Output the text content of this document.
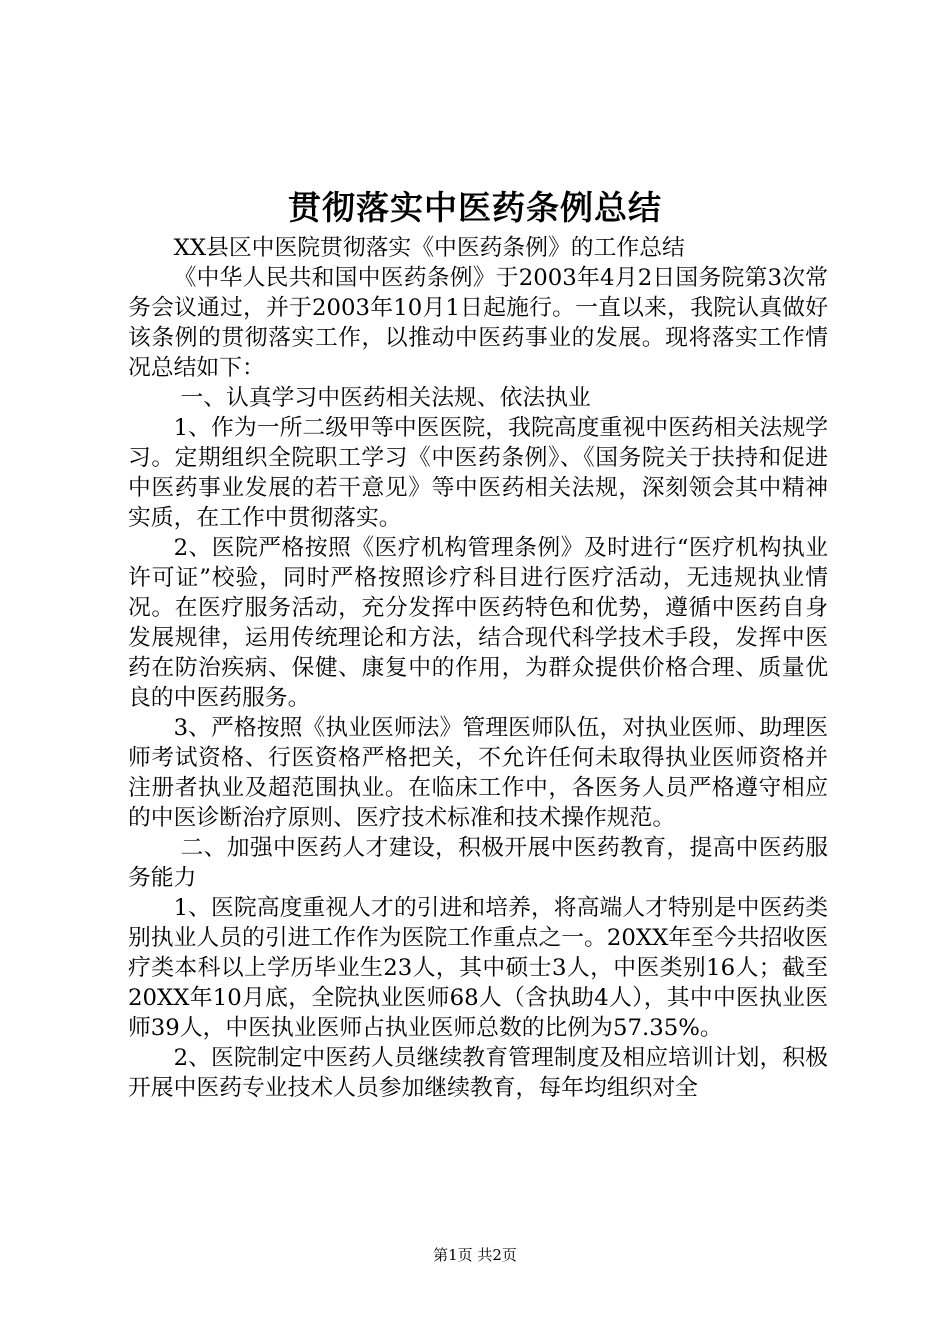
贯彻落实中医药条例总结

XX县区中医院贯彻落实《中医药条例》的工作总结

《中华人民共和国中医药条例》于2003年4月2日国务院第3次常务会议通过，并于2003年10月1日起施行。一直以来，我院认真做好该条例的贯彻落实工作，以推动中医药事业的发展。现将落实工作情况总结如下：

一、认真学习中医药相关法规、依法执业

1、作为一所二级甲等中医医院，我院高度重视中医药相关法规学习。定期组织全院职工学习《中医药条例》、《国务院关于扶持和促进中医药事业发展的若干意见》等中医药相关法规，深刻领会其中精神实质，在工作中贯彻落实。

2、医院严格按照《医疗机构管理条例》及时进行“医疗机构执业许可证”校验，同时严格按照诊疗科目进行医疗活动，无违规执业情况。在医疗服务活动，充分发挥中医药特色和优势，遵循中医药自身发展规律，运用传统理论和方法，结合现代科学技术手段，发挥中医药在防治疾病、保健、康复中的作用，为群众提供价格合理、质量优良的中医药服务。

3、严格按照《执业医师法》管理医师队伍，对执业医师、助理医师考试资格、行医资格严格把关，不允许任何未取得执业医师资格并注册者执业及超范围执业。在临床工作中，各医务人员严格遵守相应的中医诊断治疗原则、医疗技术标准和技术操作规范。

二、加强中医药人才建设，积极开展中医药教育，提高中医药服务能力

1、医院高度重视人才的引进和培养，将高端人才特别是中医药类别执业人员的引进工作作为医院工作重点之一。20XX年至今共招收医疗类本科以上学历毕业生23人，其中硕士3人，中医类别16人；截至20XX年10月底，全院执业医师68人（含执助4人），其中中医执业医师39人，中医执业医师占执业医师总数的比例为57.35%。

2、医院制定中医药人员继续教育管理制度及相应培训计划，积极开展中医药专业技术人员参加继续教育，每年均组织对全

第1页 共2页
